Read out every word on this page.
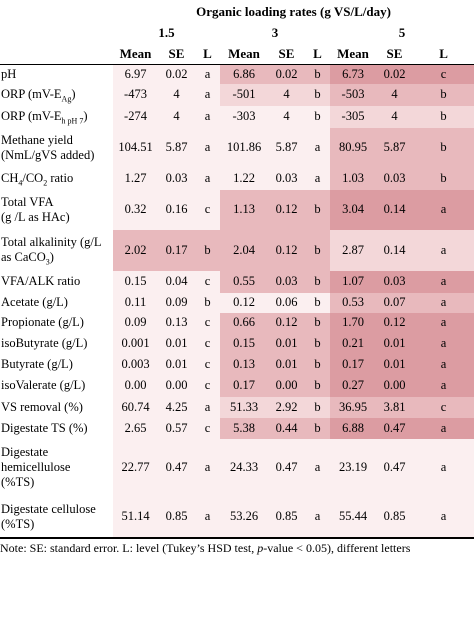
	Organic loading rates (g VS/L/day)								
	1.5			3			5		
	Mean	SE	L	Mean	SE	L	Mean	SE	L
pH	6.97	0.02	a	6.86	0.02	b	6.73	0.02	c
ORP $(mV-E_{Ag})$	-473	4	a	-501	4	b	-503	4	b
ORP $(mV-E_{h pH 7})$	-274	4	a	-303	4	b	-305	4	b
Methane yield
(NmL/gVS added)	104.51	5.87	a	101.86	5.87	a	80.95	5.87	b
$CH_4/CO_2$ ratio	1.27	0.03	a	1.22	0.03	a	1.03	0.03	b
Total VFA
(g /L as HAc)	0.32	0.16	c	1.13	0.12	b	3.04	0.14	a
Total alkalinity (g/L
as CaCO$_3$)	2.02	0.17	b	2.04	0.12	b	2.87	0.14	a
VFA/ALK ratio	0.15	0.04	c	0.55	0.03	b	1.07	0.03	a
Acetate (g/L)	0.11	0.09	b	0.12	0.06	b	0.53	0.07	a
Propionate (g/L)	0.09	0.13	c	0.66	0.12	b	1.70	0.12	a
isoButyrate (g/L)	0.001	0.01	c	0.15	0.01	b	0.21	0.01	a
Butyrate (g/L)	0.003	0.01	c	0.13	0.01	b	0.17	0.01	a
isoValerate (g/L)	0.00	0.00	c	0.17	0.00	b	0.27	0.00	a
VS removal (%)	60.74	4.25	a	51.33	2.92	b	36.95	3.81	c
Digestate TS (%)	2.65	0.57	c	5.38	0.44	b	6.88	0.47	a
Digestate
hemicellulose
(%TS)	22.77	0.47	a	24.33	0.47	a	23.19	0.47	a
Digestate cellulose
(%TS)	51.14	0.85	a	53.26	0.85	a	55.44	0.85	a
Note: SE: standard error. L: level (Tukey’s HSD test, p-value < 0.05), different letters
